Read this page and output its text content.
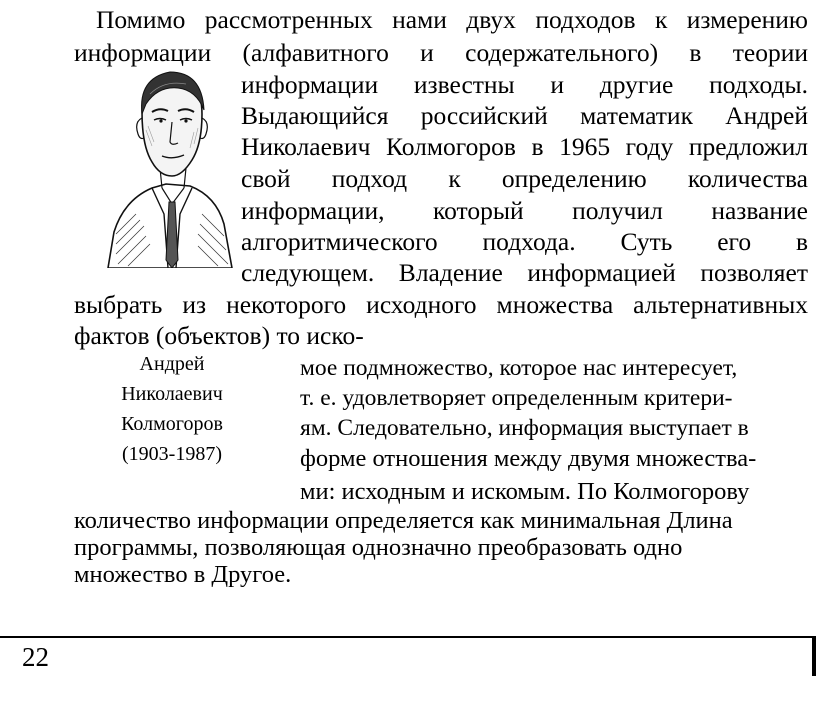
Помимо рассмотренных нами двух подходов к измерению
информации (алфавитного и содержательного) в теории
информации известны и другие подходы.
Выдающийся российский математик Андрей
Николаевич Колмогоров в 1965 году предложил
свой подход к определению количества
информации, который получил название
алгоритмического подхода. Суть его в
следующем. Владение информацией позволяет
выбрать из некоторого исходного множества альтернативных
фактов (объектов) то иско-
Андрей
Николаевич
Колмогоров
(1903-1987)
мое подмножество, которое нас интересует,
т. е. удовлетворяет определенным критери-
ям. Следовательно, информация выступает в
форме отношения между двумя множества-
ми: исходным и искомым. По Колмогорову
количество информации определяется как минимальная Длина
программы, позволяющая однозначно преобразовать одно
множество в Другое.
22
